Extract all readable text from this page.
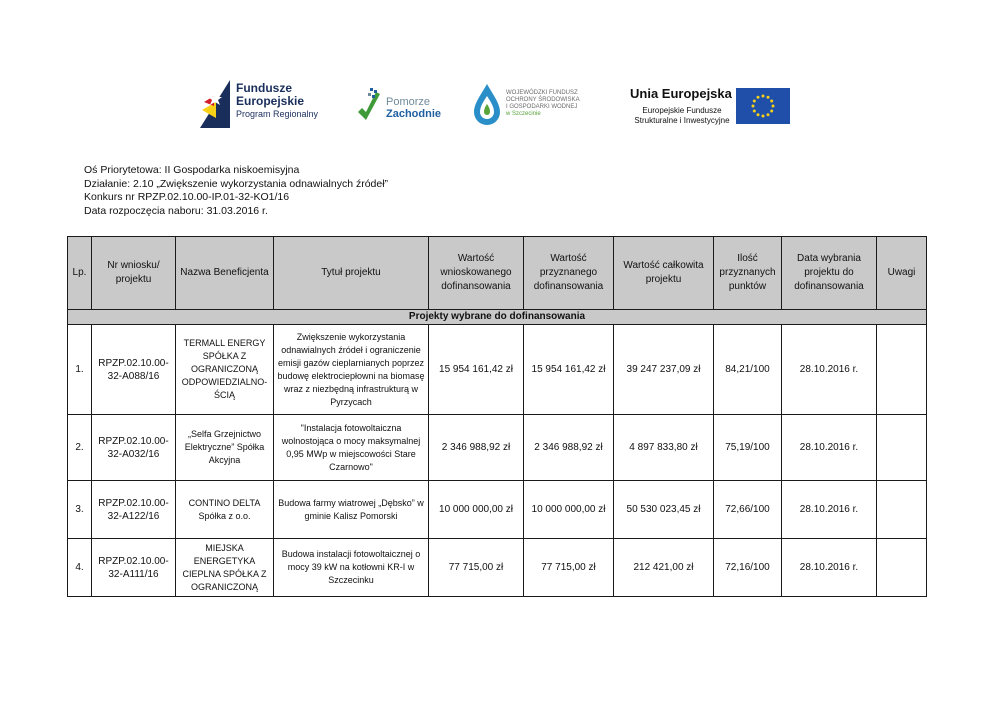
Fundusze
Europejskie
Program Regionalny
Pomorze
Zachodnie
WOJEWÓDZKI FUNDUSZ
OCHRONY ŚRODOWISKA
I GOSPODARKI WODNEJ
w Szczecinie
Unia Europejska
Europejskie Fundusze
Strukturalne i Inwestycyjne
Oś Priorytetowa: II Gospodarka niskoemisyjna
Działanie: 2.10 „Zwiększenie wykorzystania odnawialnych źródeł”
Konkurs nr RPZP.02.10.00-IP.01-32-KO1/16
Data rozpoczęcia naboru: 31.03.2016 r.
Lp.	Nr wniosku/ projektu	Nazwa Beneficjenta	Tytuł projektu	Wartość wnioskowanego dofinansowania	Wartość przyznanego dofinansowania	Wartość całkowita projektu	Ilość przyznanych punktów	Data wybrania projektu do dofinansowania	Uwagi
Projekty wybrane do dofinansowania									
1.	RPZP.02.10.00-32-A088/16	TERMALL ENERGY SPÓŁKA Z OGRANICZONĄ ODPOWIEDZIALNO-ŚCIĄ	Zwiększenie wykorzystania odnawialnych źródeł i ograniczenie emisji gazów cieplarnianych poprzez budowę elektrociepłowni na biomasę wraz z niezbędną infrastrukturą w Pyrzycach	15 954 161,42 zł	15 954 161,42 zł	39 247 237,09 zł	84,21/100	28.10.2016 r.	
2.	RPZP.02.10.00-32-A032/16	„Selfa Grzejnictwo Elektryczne” Spółka Akcyjna	"Instalacja fotowoltaiczna wolnostojąca o mocy maksymalnej 0,95 MWp w miejscowości Stare Czarnowo"	2 346 988,92 zł	2 346 988,92 zł	4 897 833,80 zł	75,19/100	28.10.2016 r.	
3.	RPZP.02.10.00-32-A122/16	CONTINO DELTA Spółka z o.o.	Budowa farmy wiatrowej „Dębsko” w gminie Kalisz Pomorski	10 000 000,00 zł	10 000 000,00 zł	50 530 023,45 zł	72,66/100	28.10.2016 r.	
4.	RPZP.02.10.00-32-A111/16	MIEJSKA ENERGETYKA CIEPLNA SPÓŁKA Z OGRANICZONĄ	Budowa instalacji fotowoltaicznej o mocy 39 kW na kotłowni KR-I w Szczecinku	77 715,00 zł	77 715,00 zł	212 421,00 zł	72,16/100	28.10.2016 r.	
